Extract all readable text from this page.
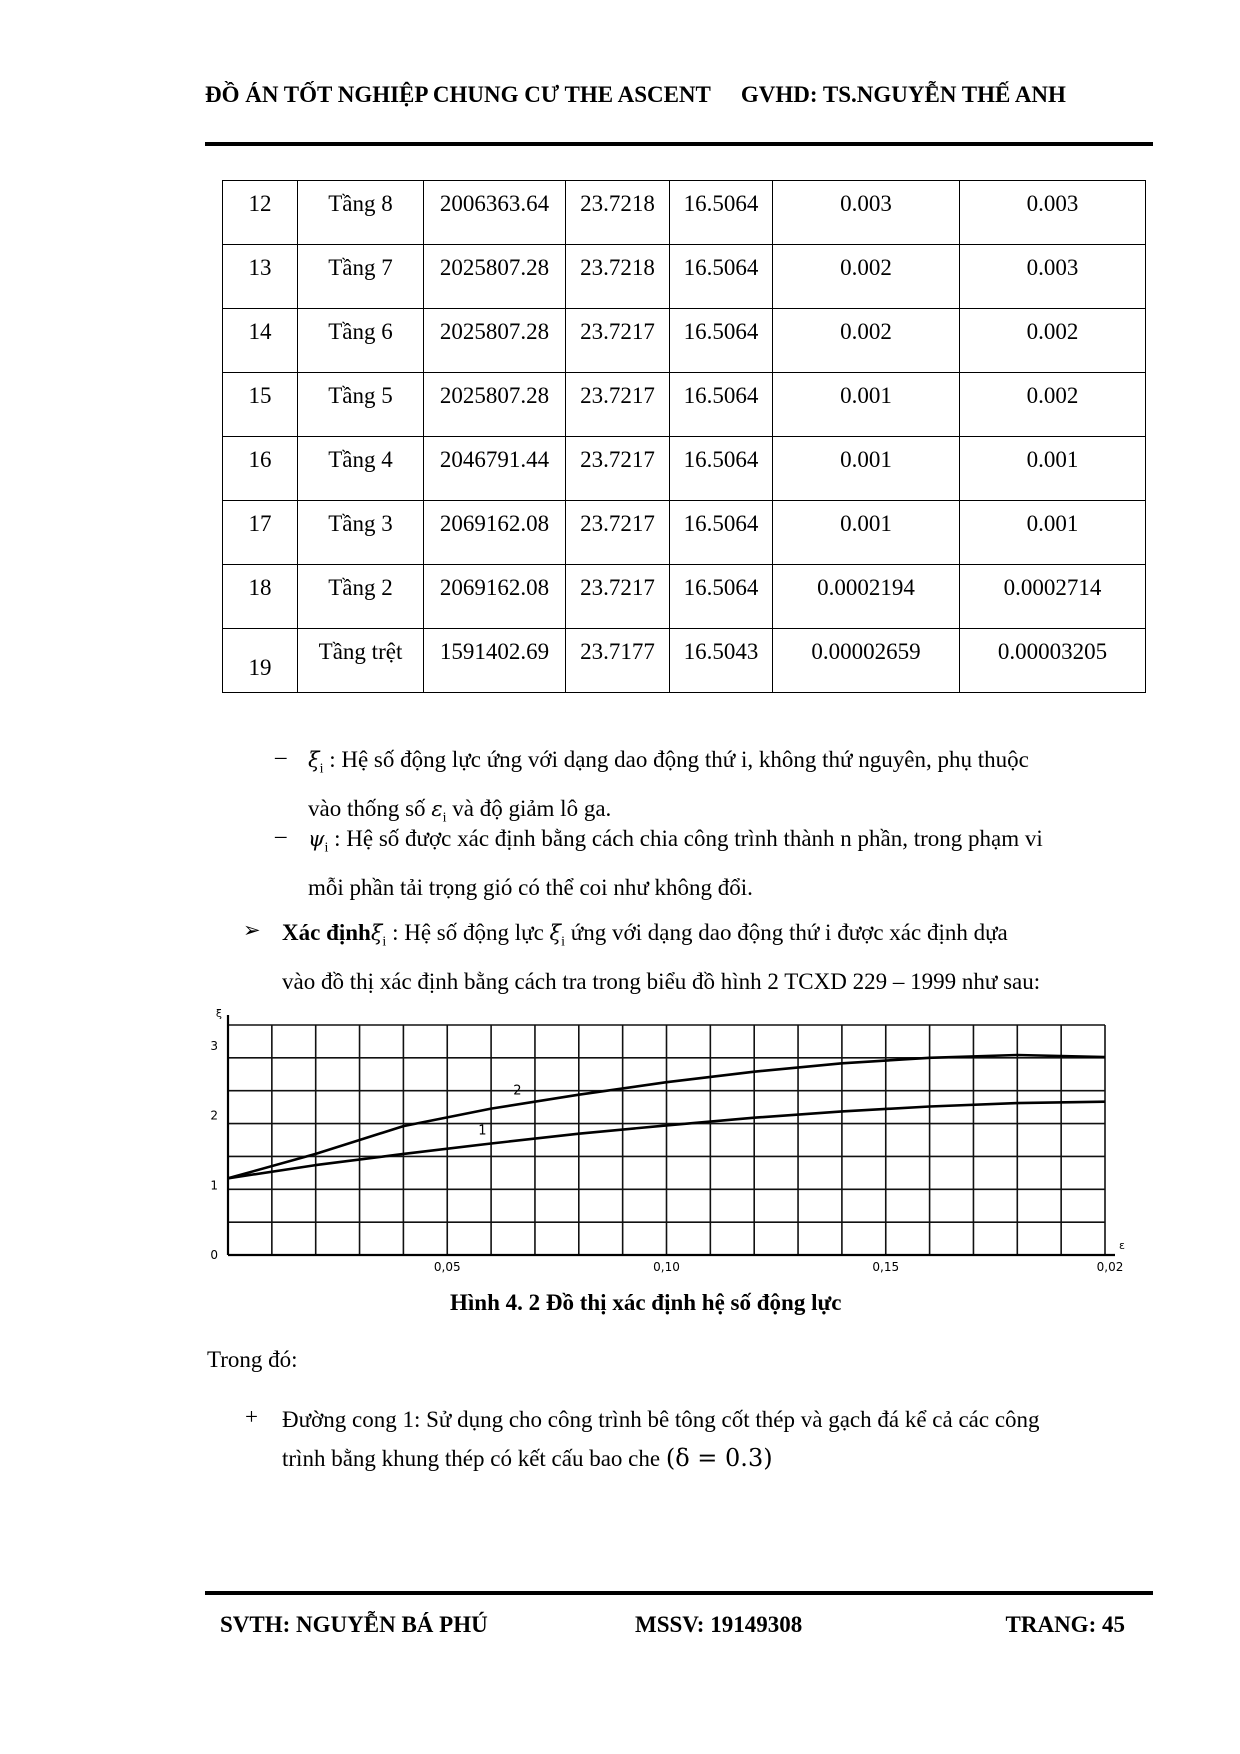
ĐỒ ÁN TỐT NGHIỆP CHUNG CƯ THE ASCENT GVHD: TS.NGUYỄN THẾ ANH
12	Tầng 8	2006363.64	23.7218	16.5064	0.003	0.003
13	Tầng 7	2025807.28	23.7218	16.5064	0.002	0.003
14	Tầng 6	2025807.28	23.7217	16.5064	0.002	0.002
15	Tầng 5	2025807.28	23.7217	16.5064	0.001	0.002
16	Tầng 4	2046791.44	23.7217	16.5064	0.001	0.001
17	Tầng 3	2069162.08	23.7217	16.5064	0.001	0.001
18	Tầng 2	2069162.08	23.7217	16.5064	0.0002194	0.0002714
19	Tầng trệt	1591402.69	23.7177	16.5043	0.00002659	0.00003205
– $\xi_i$ : Hệ số động lực ứng với dạng dao động thứ i, không thứ nguyên, phụ thuộc
vào thống số $\varepsilon_i$ và độ giảm lô ga.
– $\psi_i$ : Hệ số được xác định bằng cách chia công trình thành n phần, trong phạm vi
mỗi phần tải trọng gió có thể coi như không đổi.
➢ Xác địnhξ$_i$ : Hệ số động lực $\xi_i$ ứng với dạng dao động thứ i được xác định dựa
vào đồ thị xác định bằng cách tra trong biểu đồ hình 2 TCXD 229 – 1999 như sau:
ξ
ε
0,05	0,10	0,15	0,02
0
1
2
3
1
2
Hình 4. 2 Đồ thị xác định hệ số động lực
Trong đó:
+ Đường cong 1: Sử dụng cho công trình bê tông cốt thép và gạch đá kể cả các công
trình bằng khung thép có kết cấu bao che (δ = 0.3)
SVTH: NGUYỄN BÁ PHÚ	MSSV: 19149308	TRANG: 45
